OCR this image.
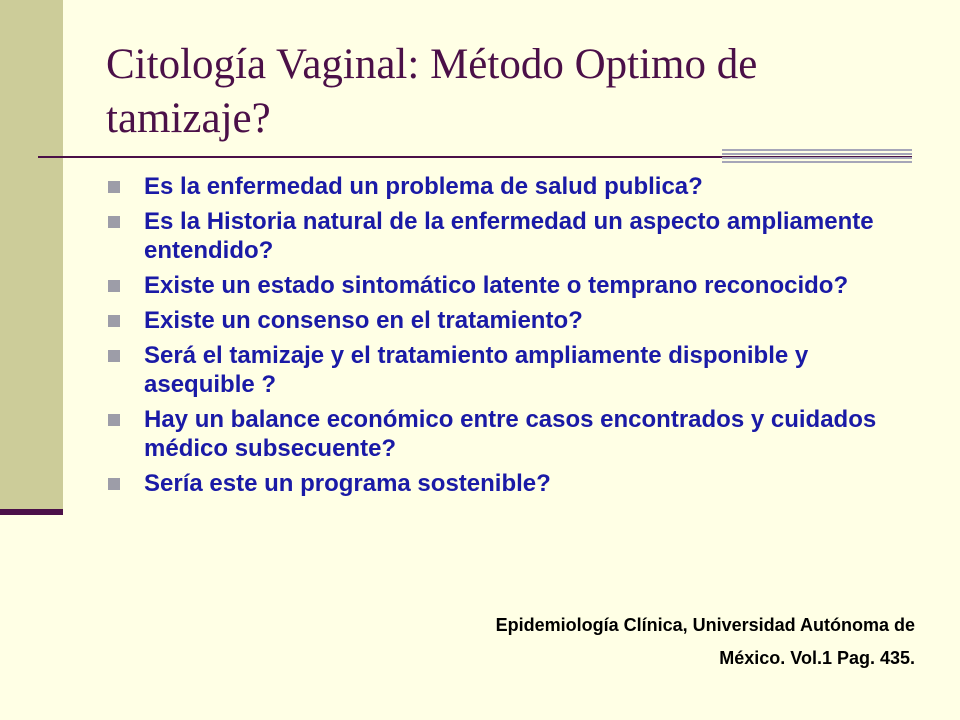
Citología Vaginal: Método Optimo de tamizaje?
Es la enfermedad un problema de salud publica?
Es la Historia natural de la enfermedad un aspecto ampliamente entendido?
Existe un estado sintomático latente o temprano reconocido?
Existe un consenso en el tratamiento?
Será el tamizaje y el tratamiento ampliamente disponible y asequible ?
Hay un balance económico entre casos encontrados y cuidados médico subsecuente?
Sería este un programa sostenible?
Epidemiología Clínica, Universidad Autónoma de
México. Vol.1 Pag. 435.
